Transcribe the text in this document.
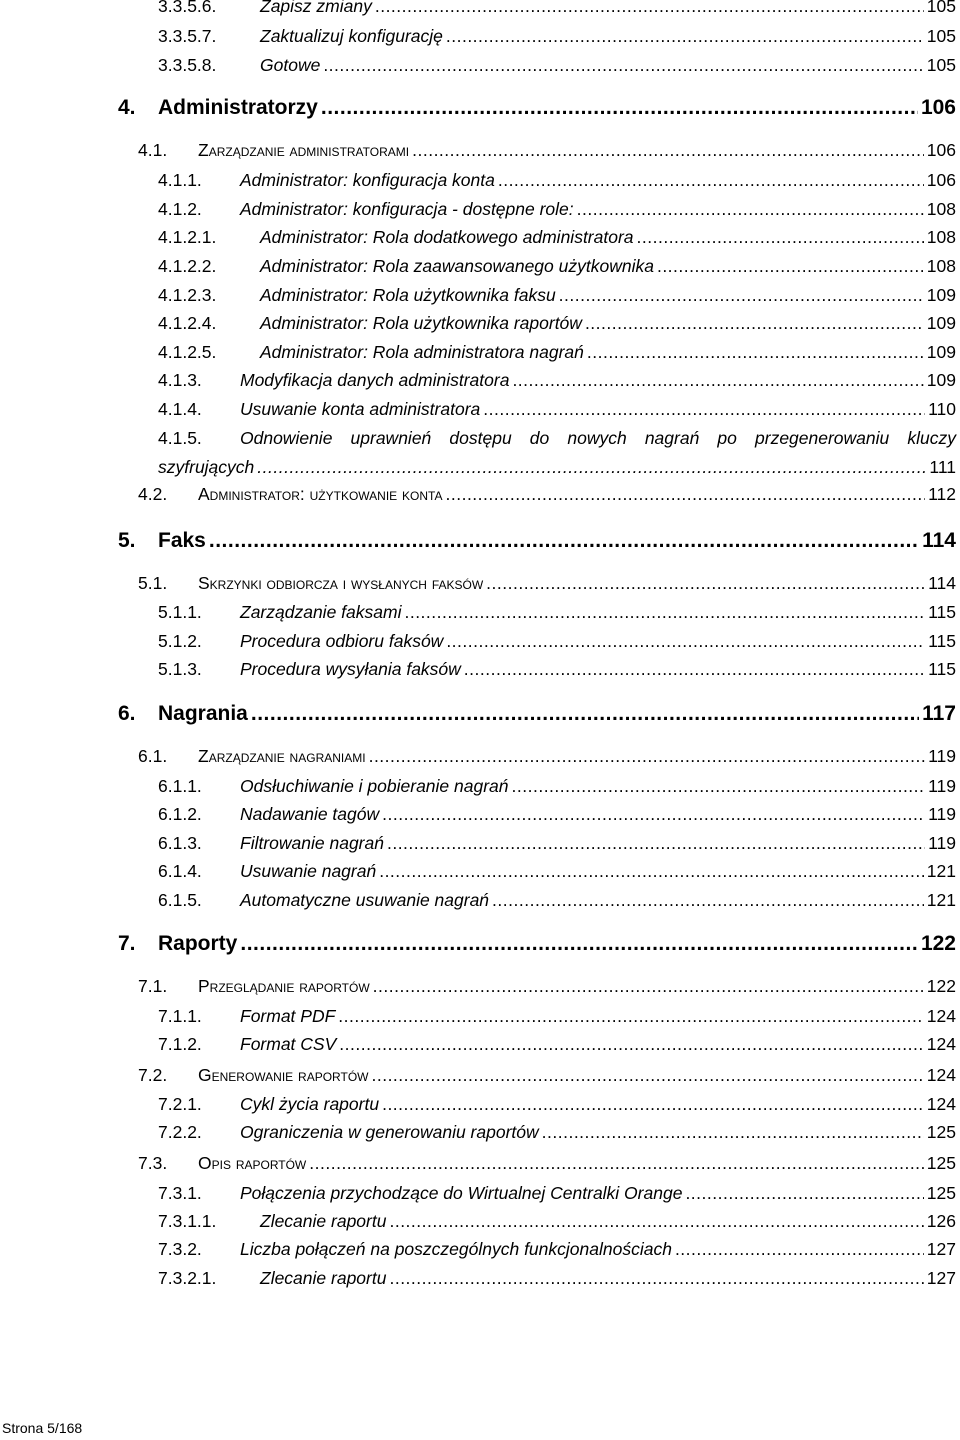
3.3.5.6. Zapisz zmiany .....	105
3.3.5.7. Zaktualizuj konfigurację .....	105
3.3.5.8. Gotowe .....	105
4. Administratorzy .....	106
4.1. Zarządzanie administratorami .....	106
4.1.1. Administrator: konfiguracja konta .....	106
4.1.2. Administrator: konfiguracja - dostępne role: .....	108
4.1.2.1. Administrator: Rola dodatkowego administratora .....	108
4.1.2.2. Administrator: Rola zaawansowanego użytkownika .....	108
4.1.2.3. Administrator: Rola użytkownika faksu .....	109
4.1.2.4. Administrator: Rola użytkownika raportów .....	109
4.1.2.5. Administrator: Rola administratora nagrań .....	109
4.1.3. Modyfikacja danych administratora .....	109
4.1.4. Usuwanie konta administratora .....	110
4.1.5. Odnowienie uprawnień dostępu do nowych nagrań po przegenerowaniu kluczy
szyfrujących .....	111
4.2. Administrator: użytkowanie konta .....	112
5. Faks .....	114
5.1. Skrzynki odbiorcza i wysłanych faksów .....	114
5.1.1. Zarządzanie faksami .....	115
5.1.2. Procedura odbioru faksów .....	115
5.1.3. Procedura wysyłania faksów .....	115
6. Nagrania .....	117
6.1. Zarządzanie nagraniami .....	119
6.1.1. Odsłuchiwanie i pobieranie nagrań .....	119
6.1.2. Nadawanie tagów .....	119
6.1.3. Filtrowanie nagrań .....	119
6.1.4. Usuwanie nagrań .....	121
6.1.5. Automatyczne usuwanie nagrań .....	121
7. Raporty .....	122
7.1. Przeglądanie raportów .....	122
7.1.1. Format PDF .....	124
7.1.2. Format CSV .....	124
7.2. Generowanie raportów .....	124
7.2.1. Cykl życia raportu .....	124
7.2.2. Ograniczenia w generowaniu raportów .....	125
7.3. Opis raportów .....	125
7.3.1. Połączenia przychodzące do Wirtualnej Centralki Orange .....	125
7.3.1.1. Zlecanie raportu .....	126
7.3.2. Liczba połączeń na poszczególnych funkcjonalnościach .....	127
7.3.2.1. Zlecanie raportu .....	127
Strona 5/168
